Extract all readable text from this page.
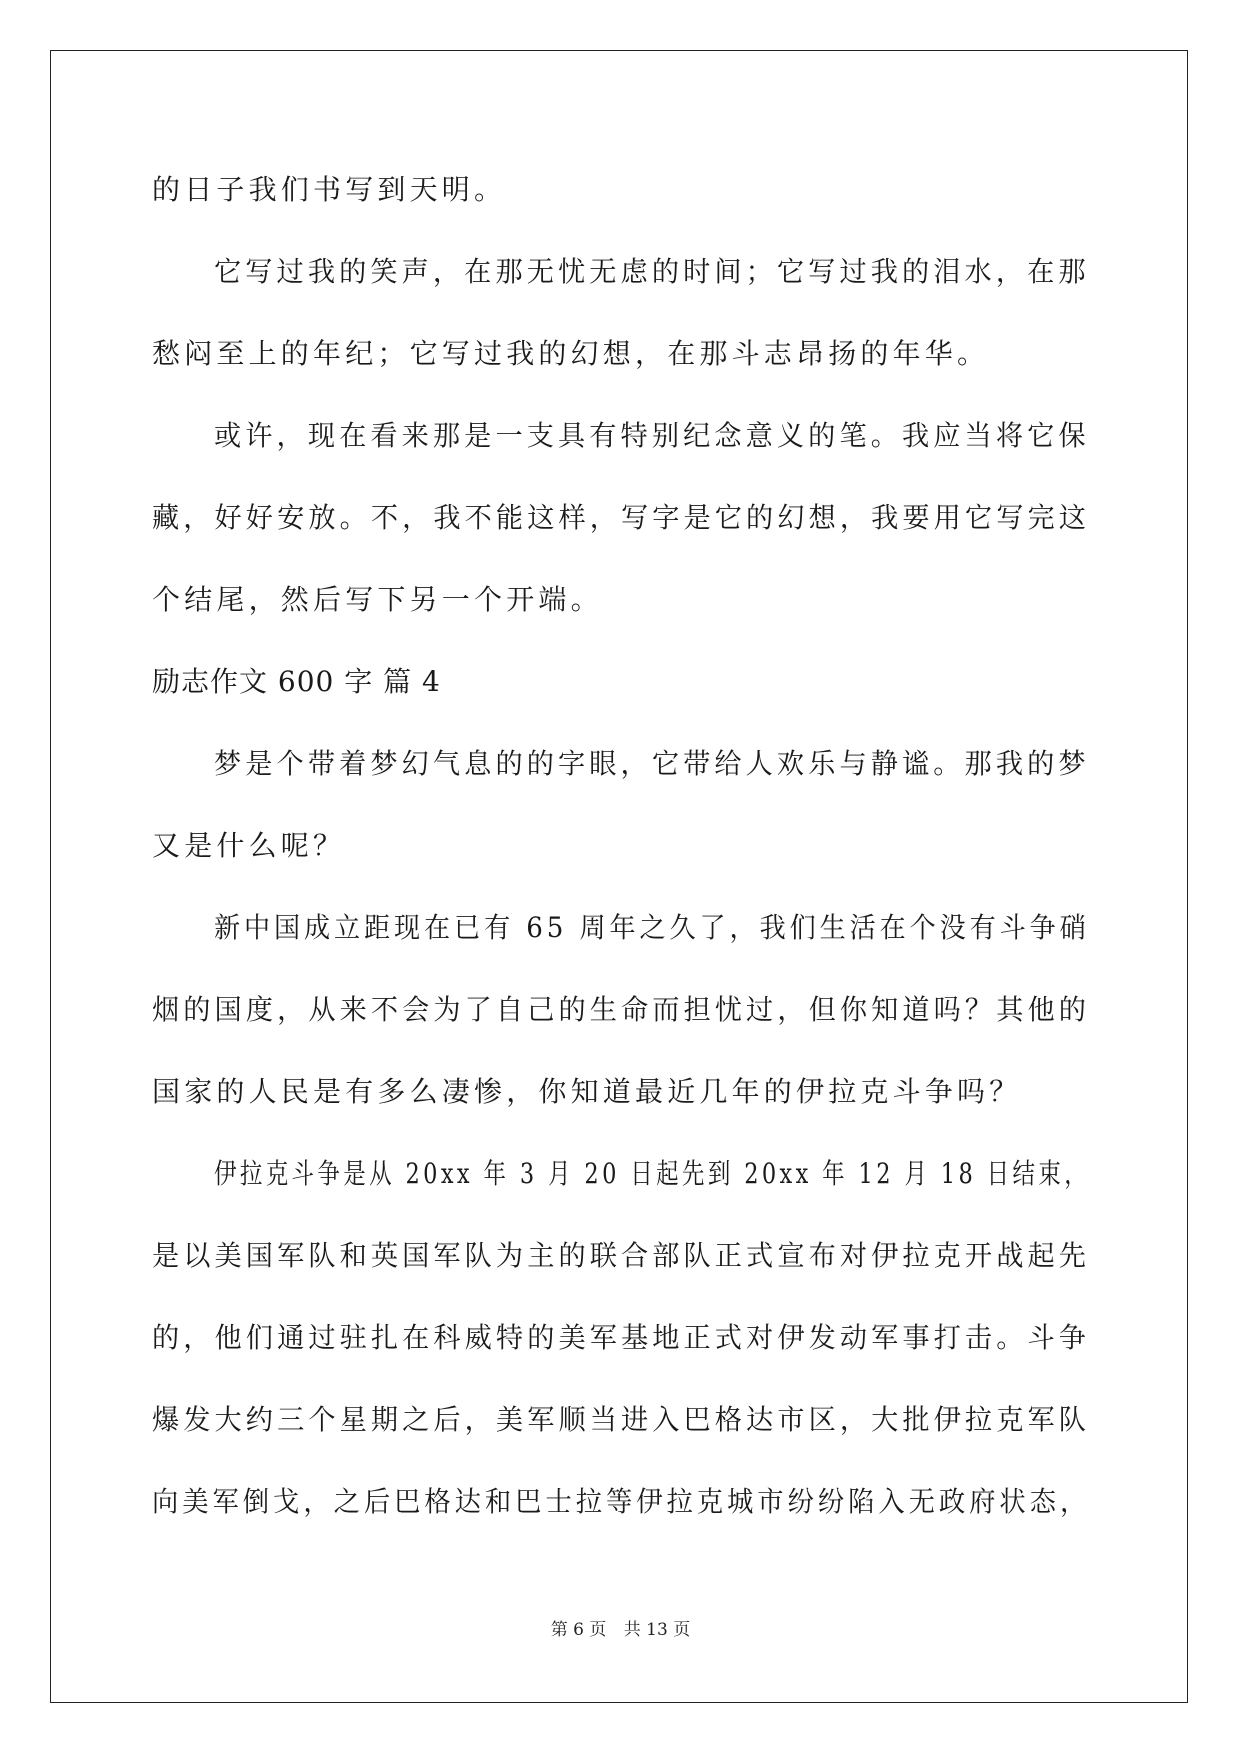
的日子我们书写到天明。

它写过我的笑声，在那无忧无虑的时间；它写过我的泪水，在那

愁闷至上的年纪；它写过我的幻想，在那斗志昂扬的年华。

或许，现在看来那是一支具有特别纪念意义的笔。我应当将它保

藏，好好安放。不，我不能这样，写字是它的幻想，我要用它写完这

个结尾，然后写下另一个开端。

励志作文 600 字 篇 4

梦是个带着梦幻气息的的字眼，它带给人欢乐与静谧。那我的梦

又是什么呢？

新中国成立距现在已有 65 周年之久了，我们生活在个没有斗争硝

烟的国度，从来不会为了自己的生命而担忧过，但你知道吗？其他的

国家的人民是有多么凄惨，你知道最近几年的伊拉克斗争吗？

伊拉克斗争是从 20xx 年 3 月 20 日起先到 20xx 年 12 月 18 日结束，

是以美国军队和英国军队为主的联合部队正式宣布对伊拉克开战起先

的，他们通过驻扎在科威特的美军基地正式对伊发动军事打击。斗争

爆发大约三个星期之后，美军顺当进入巴格达市区，大批伊拉克军队

向美军倒戈，之后巴格达和巴士拉等伊拉克城市纷纷陷入无政府状态，

第 6 页 共 13 页
